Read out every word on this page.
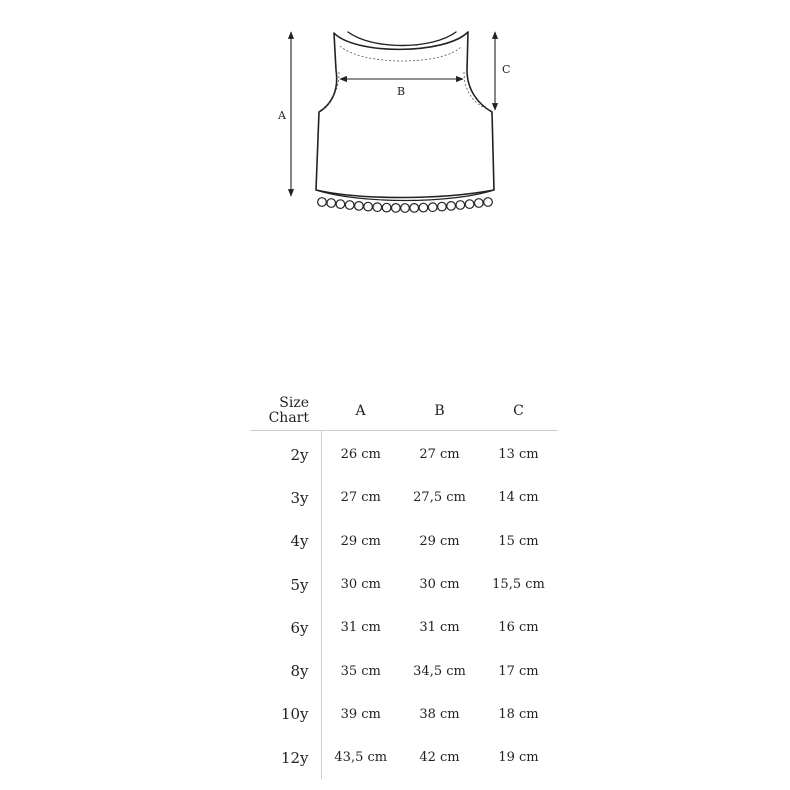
A
B
C
Size
Chart	A	B	C
2y	26 cm	27 cm	13 cm
3y	27 cm	27,5 cm	14 cm
4y	29 cm	29 cm	15 cm
5y	30 cm	30 cm	15,5 cm
6y	31 cm	31 cm	16 cm
8y	35 cm	34,5 cm	17 cm
10y	39 cm	38 cm	18 cm
12y	43,5 cm	42 cm	19 cm
